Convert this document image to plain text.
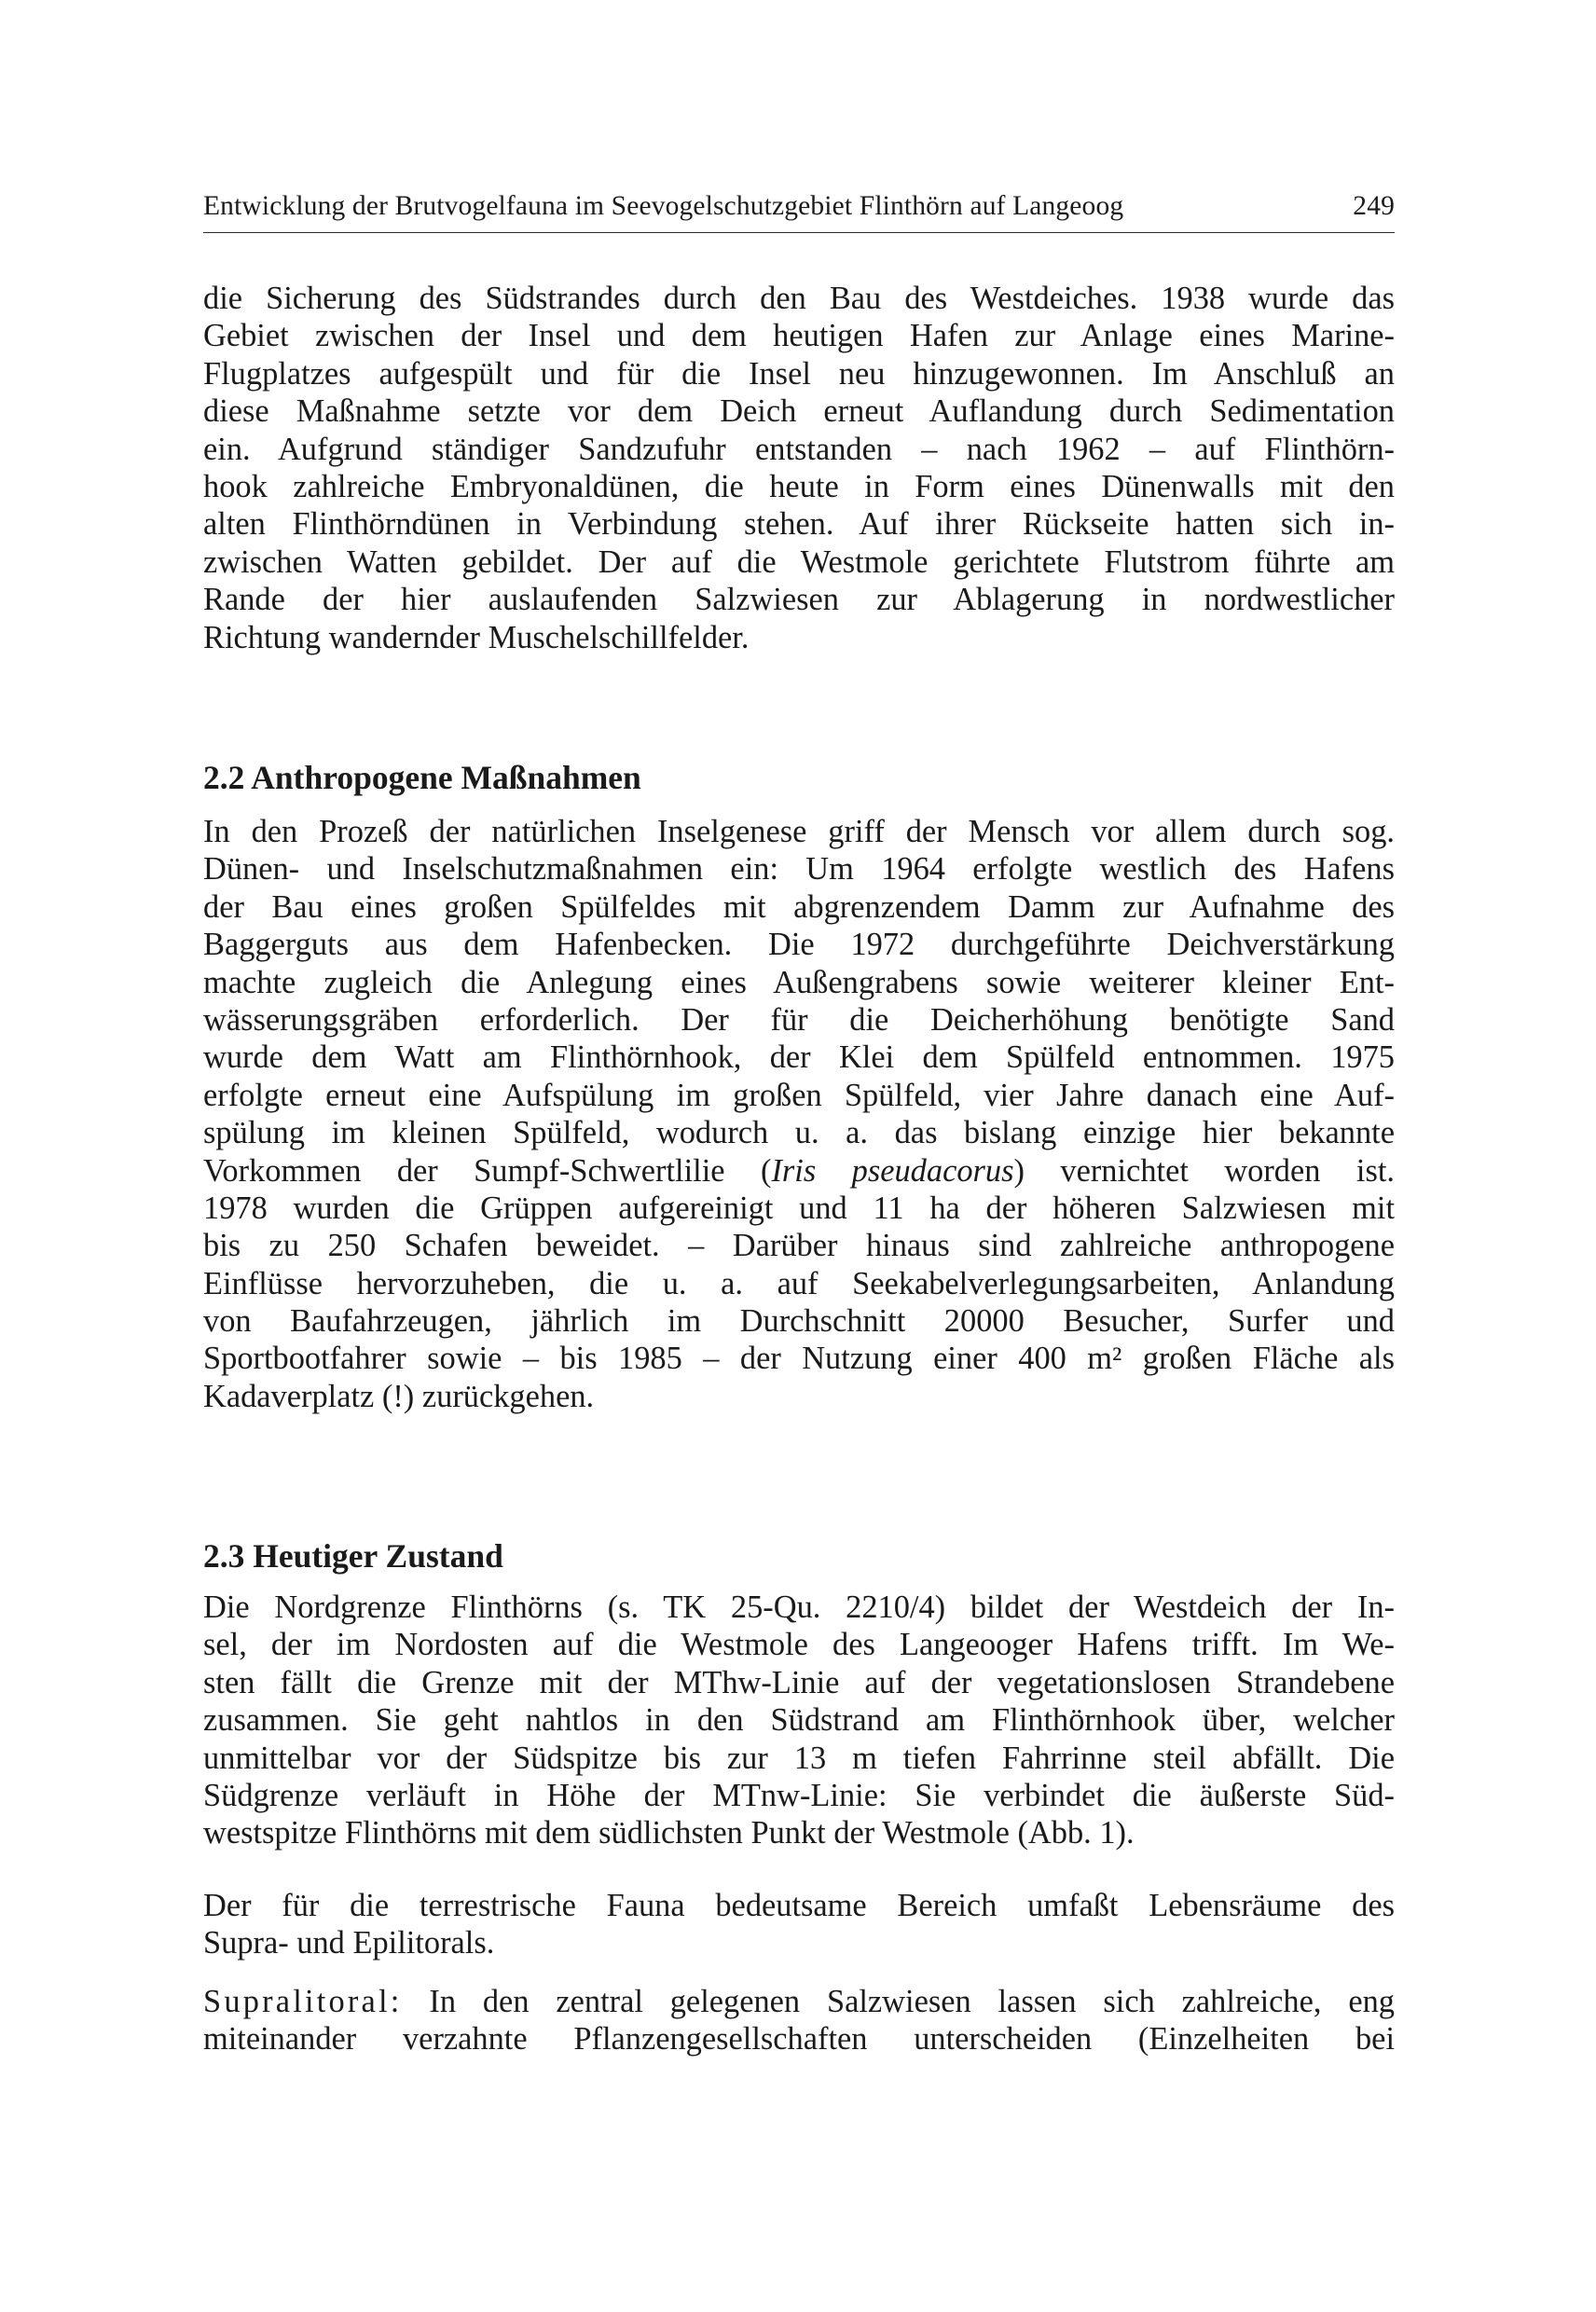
Entwicklung der Brutvogelfauna im Seevogelschutzgebiet Flinthörn auf Langeoog	249
die Sicherung des Südstrandes durch den Bau des Westdeiches. 1938 wurde das
Gebiet zwischen der Insel und dem heutigen Hafen zur Anlage eines Marine-
Flugplatzes aufgespült und für die Insel neu hinzugewonnen. Im Anschluß an
diese Maßnahme setzte vor dem Deich erneut Auflandung durch Sedimentation
ein. Aufgrund ständiger Sandzufuhr entstanden – nach 1962 – auf Flinthörn-
hook zahlreiche Embryonaldünen, die heute in Form eines Dünenwalls mit den
alten Flinthörndünen in Verbindung stehen. Auf ihrer Rückseite hatten sich in-
zwischen Watten gebildet. Der auf die Westmole gerichtete Flutstrom führte am
Rande der hier auslaufenden Salzwiesen zur Ablagerung in nordwestlicher
Richtung wandernder Muschelschillfelder.
2.2 Anthropogene Maßnahmen
In den Prozeß der natürlichen Inselgenese griff der Mensch vor allem durch sog.
Dünen- und Inselschutzmaßnahmen ein: Um 1964 erfolgte westlich des Hafens
der Bau eines großen Spülfeldes mit abgrenzendem Damm zur Aufnahme des
Baggerguts aus dem Hafenbecken. Die 1972 durchgeführte Deichverstärkung
machte zugleich die Anlegung eines Außengrabens sowie weiterer kleiner Ent-
wässerungsgräben erforderlich. Der für die Deicherhöhung benötigte Sand
wurde dem Watt am Flinthörnhook, der Klei dem Spülfeld entnommen. 1975
erfolgte erneut eine Aufspülung im großen Spülfeld, vier Jahre danach eine Auf-
spülung im kleinen Spülfeld, wodurch u. a. das bislang einzige hier bekannte
Vorkommen der Sumpf-Schwertlilie (Iris pseudacorus) vernichtet worden ist.
1978 wurden die Grüppen aufgereinigt und 11 ha der höheren Salzwiesen mit
bis zu 250 Schafen beweidet. – Darüber hinaus sind zahlreiche anthropogene
Einflüsse hervorzuheben, die u. a. auf Seekabelverlegungsarbeiten, Anlandung
von Baufahrzeugen, jährlich im Durchschnitt 20000 Besucher, Surfer und
Sportbootfahrer sowie – bis 1985 – der Nutzung einer 400 m² großen Fläche als
Kadaverplatz (!) zurückgehen.
2.3 Heutiger Zustand
Die Nordgrenze Flinthörns (s. TK 25-Qu. 2210/4) bildet der Westdeich der In-
sel, der im Nordosten auf die Westmole des Langeooger Hafens trifft. Im We-
sten fällt die Grenze mit der MThw-Linie auf der vegetationslosen Strandebene
zusammen. Sie geht nahtlos in den Südstrand am Flinthörnhook über, welcher
unmittelbar vor der Südspitze bis zur 13 m tiefen Fahrrinne steil abfällt. Die
Südgrenze verläuft in Höhe der MTnw-Linie: Sie verbindet die äußerste Süd-
westspitze Flinthörns mit dem südlichsten Punkt der Westmole (Abb. 1).
Der für die terrestrische Fauna bedeutsame Bereich umfaßt Lebensräume des
Supra- und Epilitorals.
Supralitoral: In den zentral gelegenen Salzwiesen lassen sich zahlreiche, eng
miteinander verzahnte Pflanzengesellschaften unterscheiden (Einzelheiten bei
